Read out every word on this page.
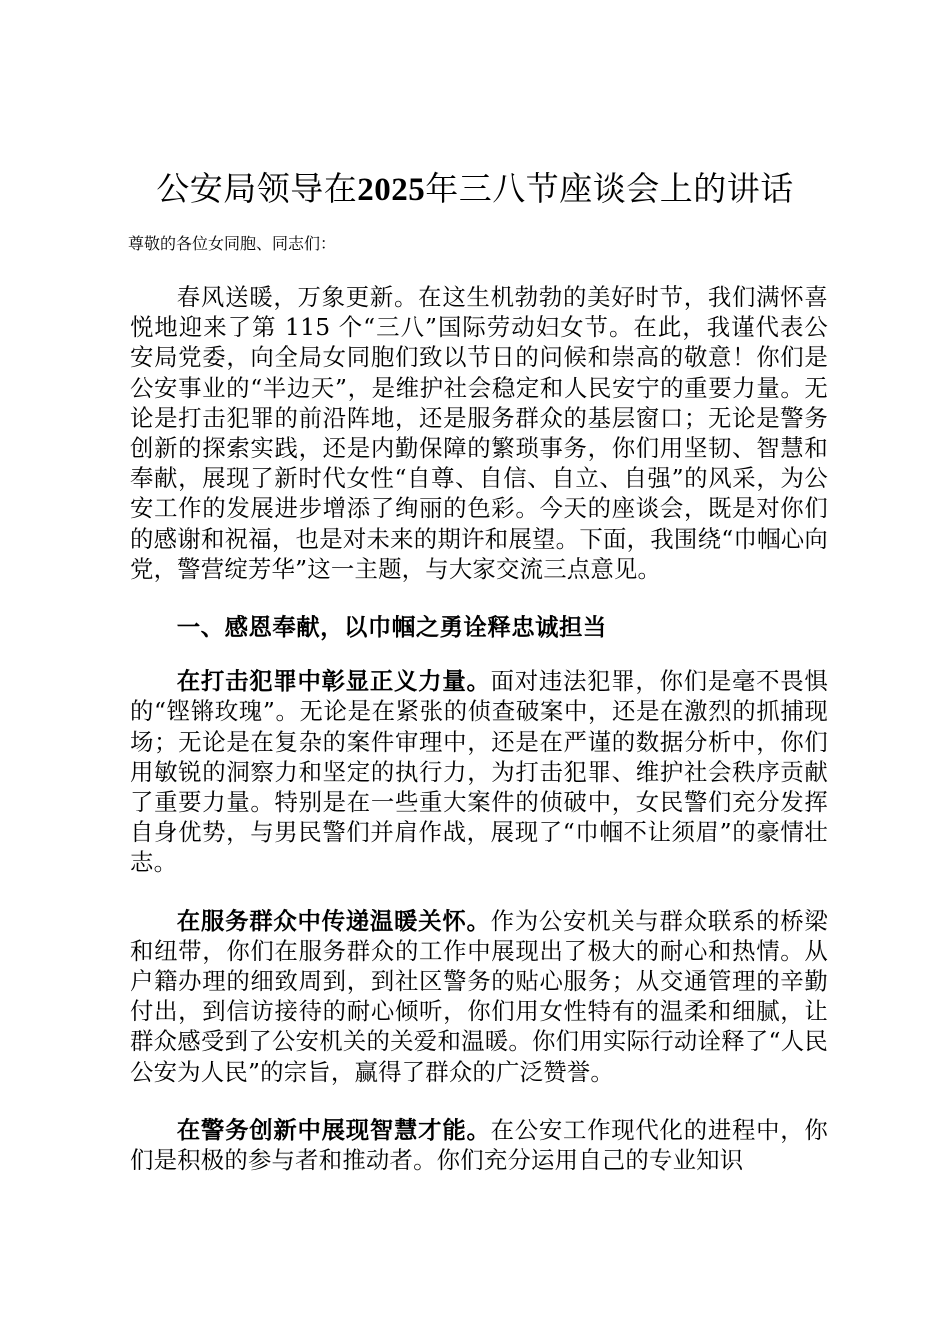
公安局领导在2025年三八节座谈会上的讲话

尊敬的各位女同胞、同志们：

春风送暖，万象更新。在这生机勃勃的美好时节，我们满怀喜悦地迎来了第 115 个“三八”国际劳动妇女节。在此，我谨代表公安局党委，向全局女同胞们致以节日的问候和崇高的敬意！你们是公安事业的“半边天”，是维护社会稳定和人民安宁的重要力量。无论是打击犯罪的前沿阵地，还是服务群众的基层窗口；无论是警务创新的探索实践，还是内勤保障的繁琐事务，你们用坚韧、智慧和奉献，展现了新时代女性“自尊、自信、自立、自强”的风采，为公安工作的发展进步增添了绚丽的色彩。今天的座谈会，既是对你们的感谢和祝福，也是对未来的期许和展望。下面，我围绕“巾帼心向党，警营绽芳华”这一主题，与大家交流三点意见。

一、感恩奉献，以巾帼之勇诠释忠诚担当

在打击犯罪中彰显正义力量。面对违法犯罪，你们是毫不畏惧的“铿锵玫瑰”。无论是在紧张的侦查破案中，还是在激烈的抓捕现场；无论是在复杂的案件审理中，还是在严谨的数据分析中，你们用敏锐的洞察力和坚定的执行力，为打击犯罪、维护社会秩序贡献了重要力量。特别是在一些重大案件的侦破中，女民警们充分发挥自身优势，与男民警们并肩作战，展现了“巾帼不让须眉”的豪情壮志。

在服务群众中传递温暖关怀。作为公安机关与群众联系的桥梁和纽带，你们在服务群众的工作中展现出了极大的耐心和热情。从户籍办理的细致周到，到社区警务的贴心服务；从交通管理的辛勤付出，到信访接待的耐心倾听，你们用女性特有的温柔和细腻，让群众感受到了公安机关的关爱和温暖。你们用实际行动诠释了“人民公安为人民”的宗旨，赢得了群众的广泛赞誉。

在警务创新中展现智慧才能。在公安工作现代化的进程中，你们是积极的参与者和推动者。你们充分运用自己的专业知识
